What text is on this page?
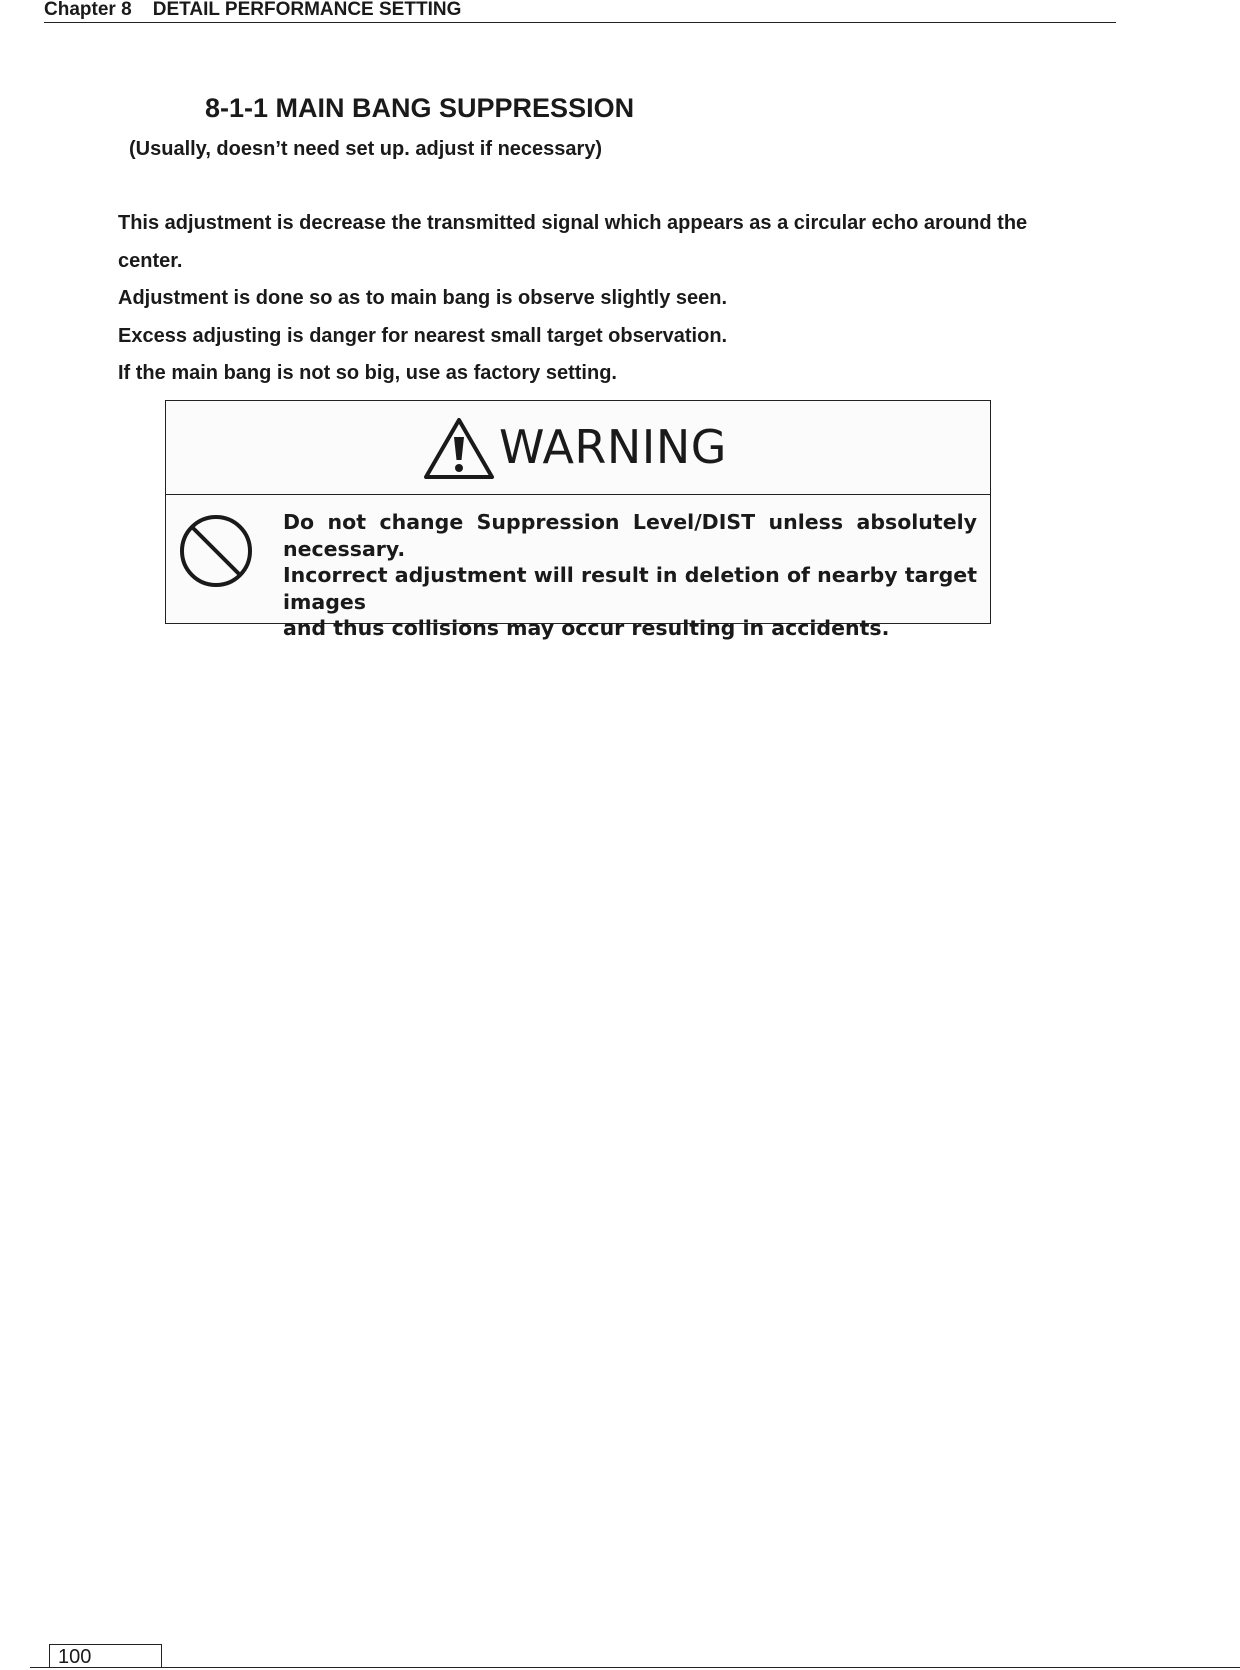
Chapter 8 DETAIL PERFORMANCE SETTING
8-1-1 MAIN BANG SUPPRESSION
(Usually, doesn’t need set up. adjust if necessary)
This adjustment is decrease the transmitted signal which appears as a circular echo around the
center.
Adjustment is done so as to main bang is observe slightly seen.
Excess adjusting is danger for nearest small target observation.
If the main bang is not so big, use as factory setting.
WARNING
Do not change Suppression Level/DIST unless absolutely
necessary.
Incorrect adjustment will result in deletion of nearby target images
and thus collisions may occur resulting in accidents.
100
